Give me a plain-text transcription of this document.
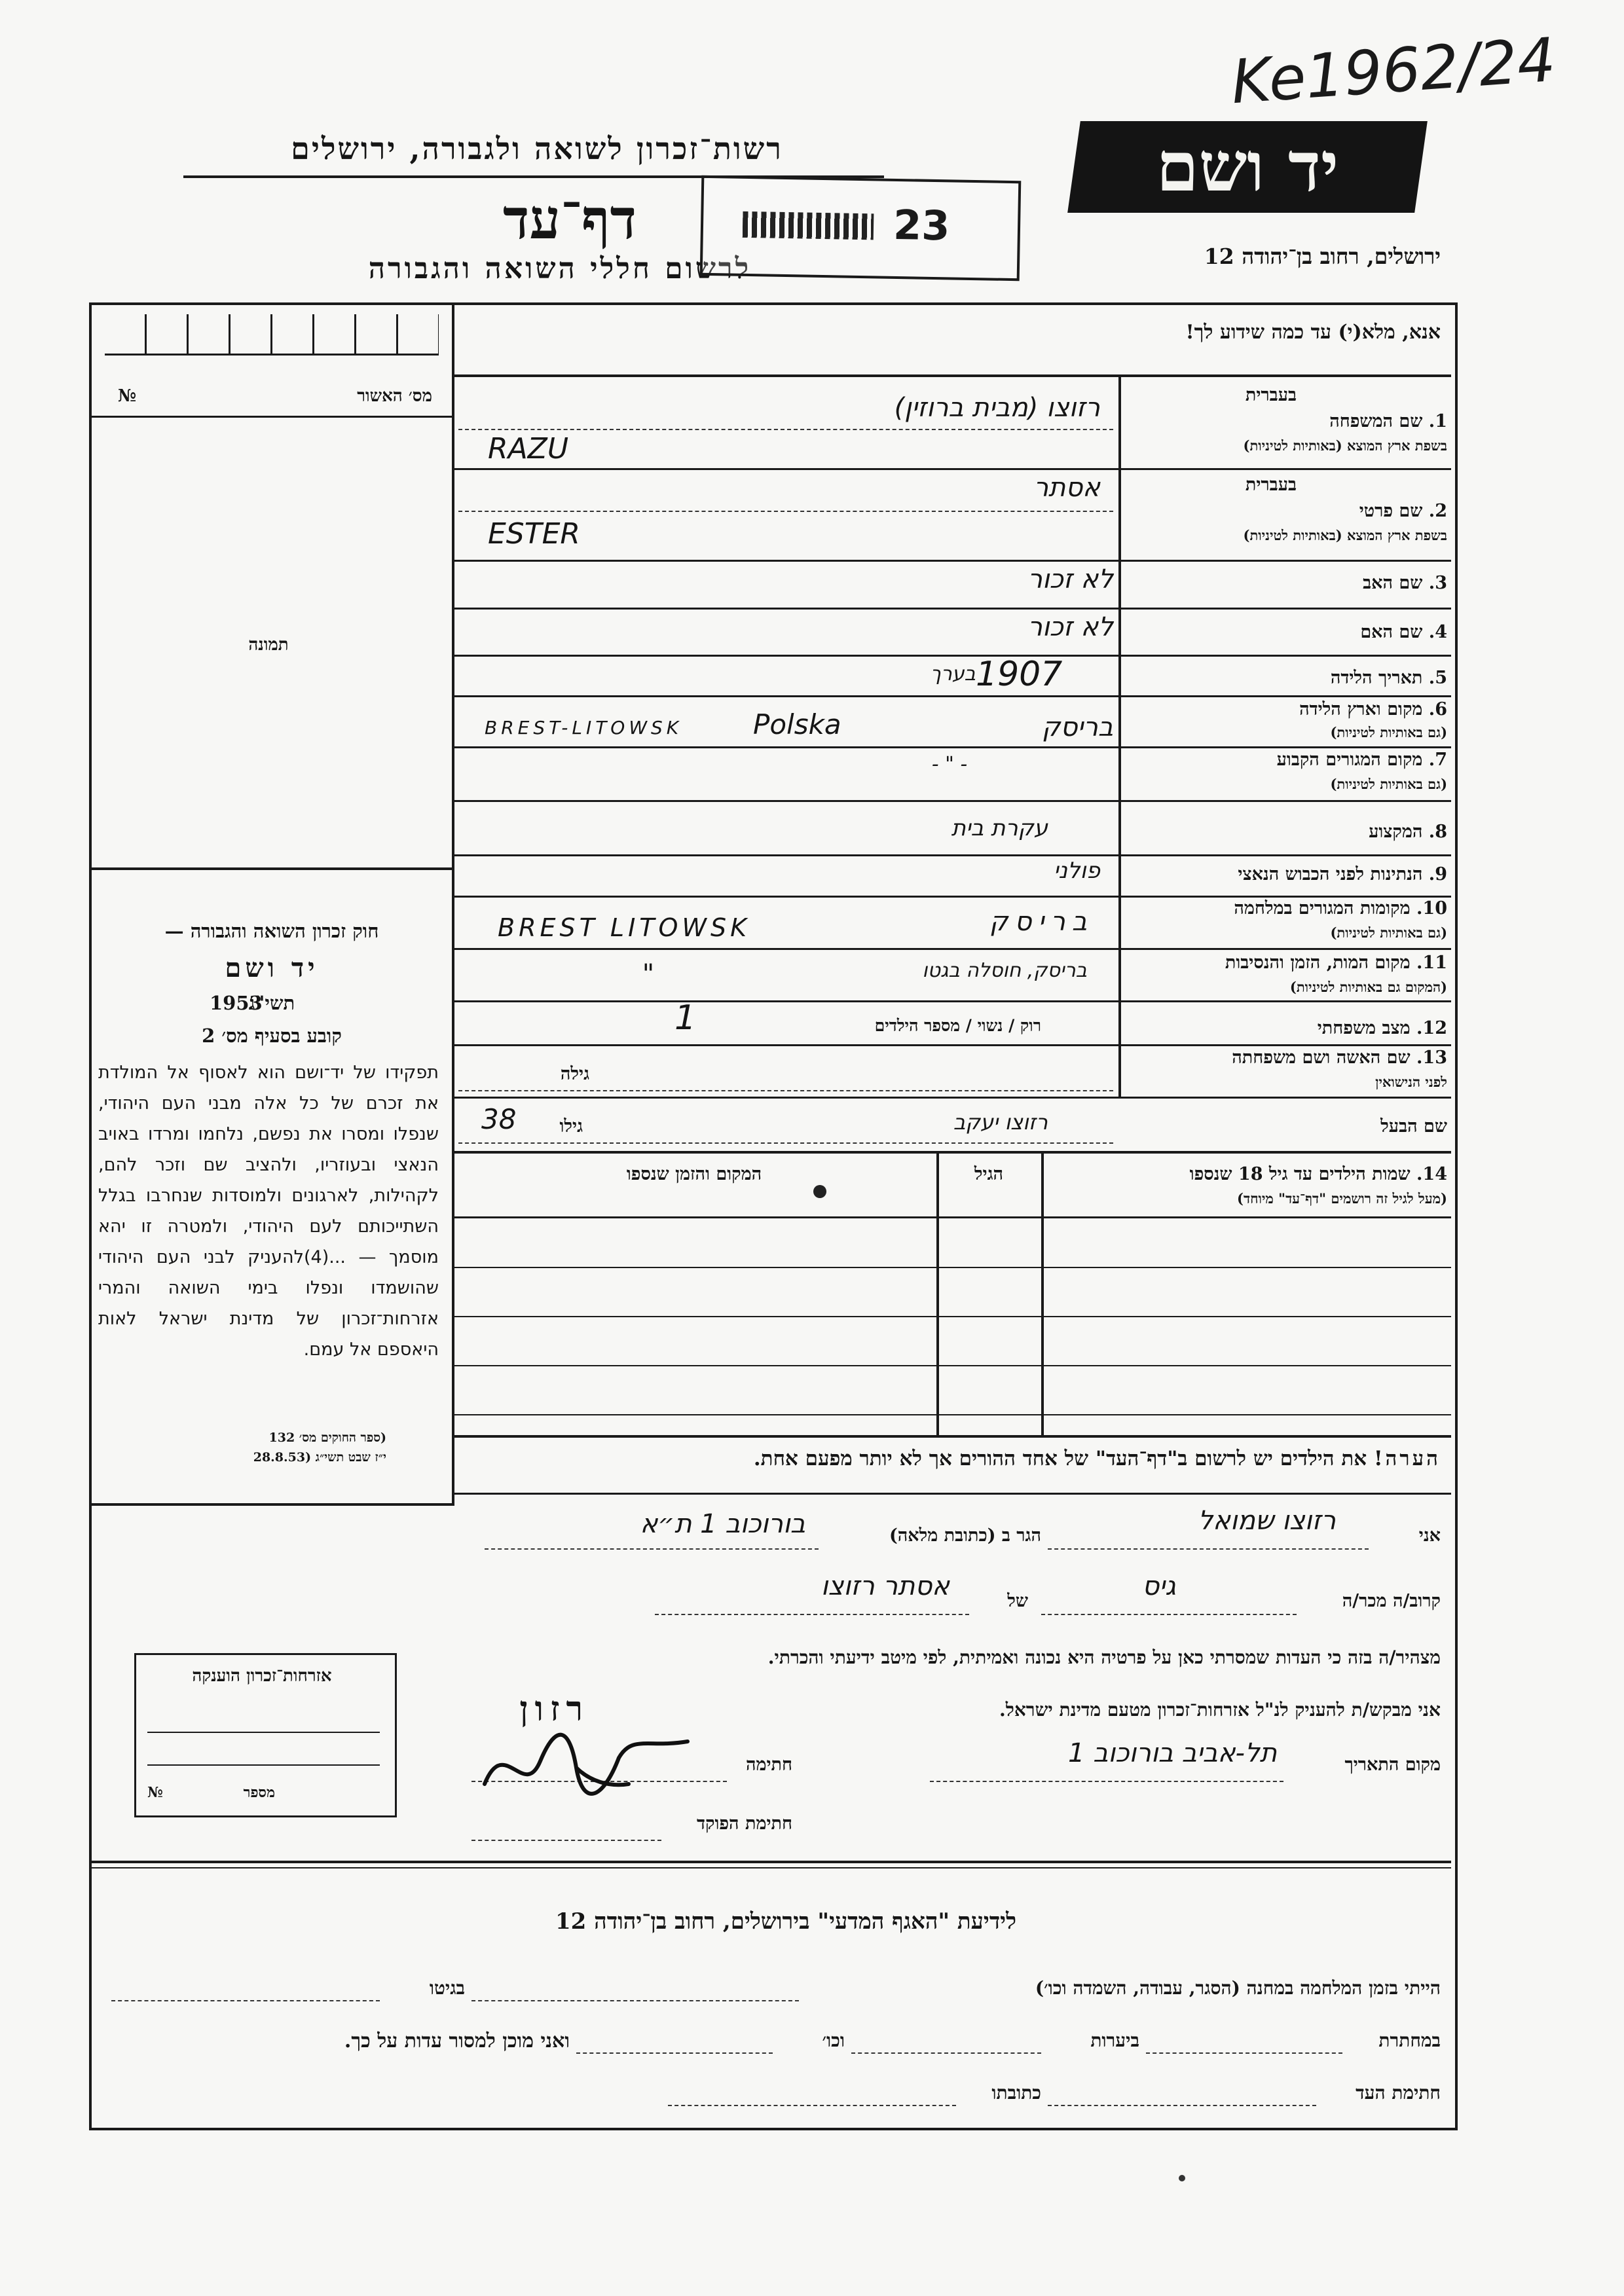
Ke1962/24
יד ושם
רשות־זכרון לשואה ולגבורה, ירושלים
דף־עד
לרשום חללי השואה והגבורה
23
ירושלים, רחוב בן־יהודה 12
№	מס׳ האשור
תמונה
חוק זכרון השואה והגבורה —
יד ושם
תשי"ג
1953
קובע בסעיף מס׳ 2
תפקידו של יד־ושם הוא לאסוף אל המולדת את זכרם של כל אלה מבני העם היהודי, שנפלו ומסרו את נפשם, נלחמו ומרדו באויב הנאצי ובעוזריו, ולהציב שם וזכר להם, לקהילות, לארגונים ולמוסדות שנחרבו בגלל השתייכותם לעם היהודי, ולמטרה זו יהא מוסמך — ...(4)להעניק לבני העם היהודי שהושמדו ונפלו בימי השואה והמרי אזרחות־זכרון של מדינת ישראל לאות היאספם אל עמם.
(ספר החוקים מס׳ 132
י״ז שבט תשי״ג (28.8.53
אנא, מלא(י) עד כמה שידוע לך!
בעברית
1. שם המשפחה
בשפת ארץ המוצא (באותיות לטיניות)
רזוצו (מבית ברוזין)
RAZU
בעברית
2. שם פרטי
בשפת ארץ המוצא (באותיות לטיניות)
אסתר
ESTER
3. שם האב
לא זכור
4. שם האם
לא זכור
5. תאריך הלידה
בערך 1907
6. מקום וארץ הלידה
(גם באותיות לטיניות)
BREST-LITOWSK	Polska	בריסק
7. מקום המגורים הקבוע
(גם באותיות לטיניות)
- " -
8. המקצוע
עקרת בית
9. הנתינות לפני הכבוש הנאצי
פולני
10. מקומות המגורים במלחמה
(גם באותיות לטיניות)
BREST LITOWSK	בריסק
11. מקום המות, הזמן והנסיבות
(המקום גם באותיות לטיניות)
"	בריסק, חוסלה בגטו
12. מצב משפחתי
רוק / נשוי / מספר הילדים
1
13. שם האשה ושם משפחתה
לפני הנישואין
גילה
שם הבעל
גילו
38	רזוצו יעקב
14. שמות הילדים עד גיל 18 שנספו
(מעל לגיל זה רושמים "דף־עד" מיוחד)
הגיל
המקום והזמן שנספו
הערה! את הילדים יש לרשום ב"דף־העד" של אחד ההורים אך לא יותר מפעם אחת.
אני
רזוצו שמואל
הגר ב (כתובת מלאה)
בורוכוב 1 ת״א
קרוב/ה מכר/ה
גיס
של
אסתר רזוצו
מצהיר/ה בזה כי העדות שמסרתי כאן על פרטיה היא נכונה ואמיתית, לפי מיטב ידיעתי והכרתי.
אני מבקש/ת להעניק לנ"ל אזרחות־זכרון מטעם מדינת ישראל.
רזון
מקום התאריך
תל-אביב בורוכוב 1
חתימה
חתימת הפוקד
אזרחות־זכרון הוענקה
№	מספר
לידיעת "האגף המדעי" בירושלים, רחוב בן־יהודה 12
הייתי בזמן המלחמה במחנה (הסגר, עבודה, השמדה וכו׳)
בגיטו
במחתרת
ביערות
וכו׳
ואני מוכן למסור עדות על כך.
חתימת העד
כתובתו
